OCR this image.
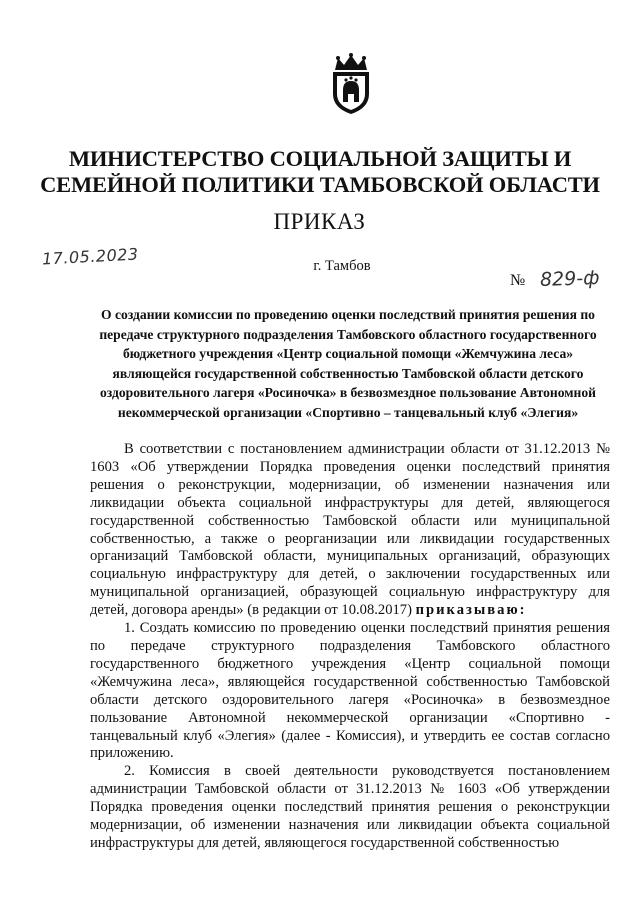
МИНИСТЕРСТВО СОЦИАЛЬНОЙ ЗАЩИТЫ И
СЕМЕЙНОЙ ПОЛИТИКИ ТАМБОВСКОЙ ОБЛАСТИ
ПРИКАЗ
17.05.2023	г. Тамбов
№ 829-ф
О создании комиссии по проведению оценки последствий принятия решения по передаче структурного подразделения Тамбовского областного государственного бюджетного учреждения «Центр социальной помощи «Жемчужина леса» являющейся государственной собственностью Тамбовской области детского оздоровительного лагеря «Росиночка» в безвозмездное пользование Автономной некоммерческой организации «Спортивно – танцевальный клуб «Элегия»

В соответствии с постановлением администрации области от 31.12.2013 № 1603 «Об утверждении Порядка проведения оценки последствий принятия решения о реконструкции, модернизации, об изменении назначения или ликвидации объекта социальной инфраструктуры для детей, являющегося государственной собственностью Тамбовской области или муниципальной собственностью, а также о реорганизации или ликвидации государственных организаций Тамбовской области, муниципальных организаций, образующих социальную инфраструктуру для детей, о заключении государственных или муниципальной организацией, образующей социальную инфраструктуру для детей, договора аренды» (в редакции от 10.08.2017) приказываю:

1. Создать комиссию по проведению оценки последствий принятия решения по передаче структурного подразделения Тамбовского областного государственного бюджетного учреждения «Центр социальной помощи «Жемчужина леса», являющейся государственной собственностью Тамбовской области детского оздоровительного лагеря «Росиночка» в безвозмездное пользование Автономной некоммерческой организации «Спортивно - танцевальный клуб «Элегия» (далее - Комиссия), и утвердить ее состав согласно приложению.

2. Комиссия в своей деятельности руководствуется постановлением администрации Тамбовской области от 31.12.2013 № 1603 «Об утверждении Порядка проведения оценки последствий принятия решения о реконструкции модернизации, об изменении назначения или ликвидации объекта социальной инфраструктуры для детей, являющегося государственной собственностью
